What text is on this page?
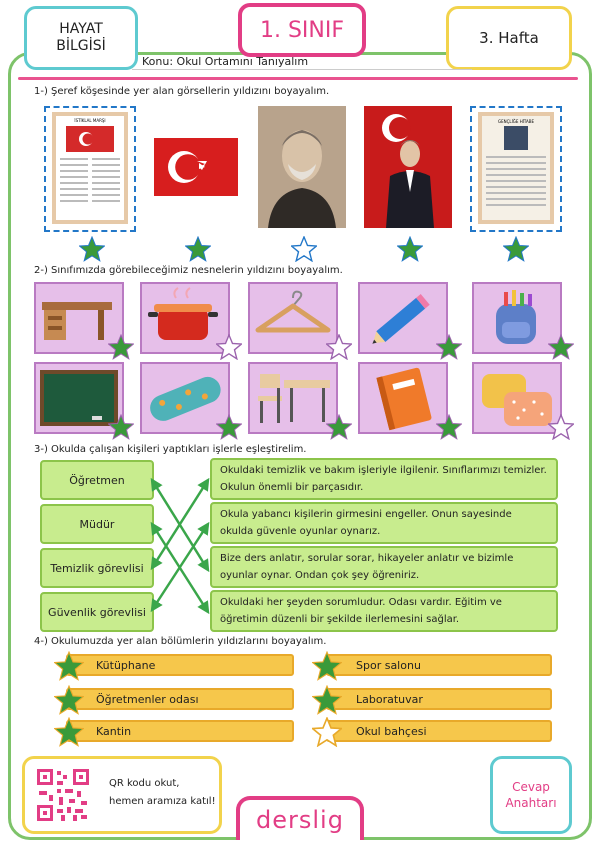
HAYAT BİLGİSİ
1. SINIF	3. Hafta
Konu: Okul Ortamını Tanıyalım
1-) Şeref köşesinde yer alan görsellerin yıldızını boyayalım.
İSTİKLAL MARŞI	GENÇLİĞE HİTABE
2-) Sınıfımızda görebileceğimiz nesnelerin yıldızını boyayalım.
3-) Okulda çalışan kişileri yaptıkları işlerle eşleştirelim.
Öğretmen
Müdür
Temizlik görevlisi
Güvenlik görevlisi
Okuldaki temizlik ve bakım işleriyle ilgilenir. Sınıflarımızı temizler. Okulun önemli bir parçasıdır.
Okula yabancı kişilerin girmesini engeller. Onun sayesinde okulda güvenle oyunlar oynarız.
Bize ders anlatır, sorular sorar, hikayeler anlatır ve bizimle oyunlar oynar. Ondan çok şey öğreniriz.
Okuldaki her şeyden sorumludur. Odası vardır. Eğitim ve öğretimin düzenli bir şekilde ilerlemesini sağlar.
4-) Okulumuzda yer alan bölümlerin yıldızlarını boyayalım.
Kütüphane	Spor salonu
Öğretmenler odası	Laboratuvar
Kantin	Okul bahçesi
QR kodu okut,
hemen aramıza katıl!
derslig
Cevap Anahtarı
